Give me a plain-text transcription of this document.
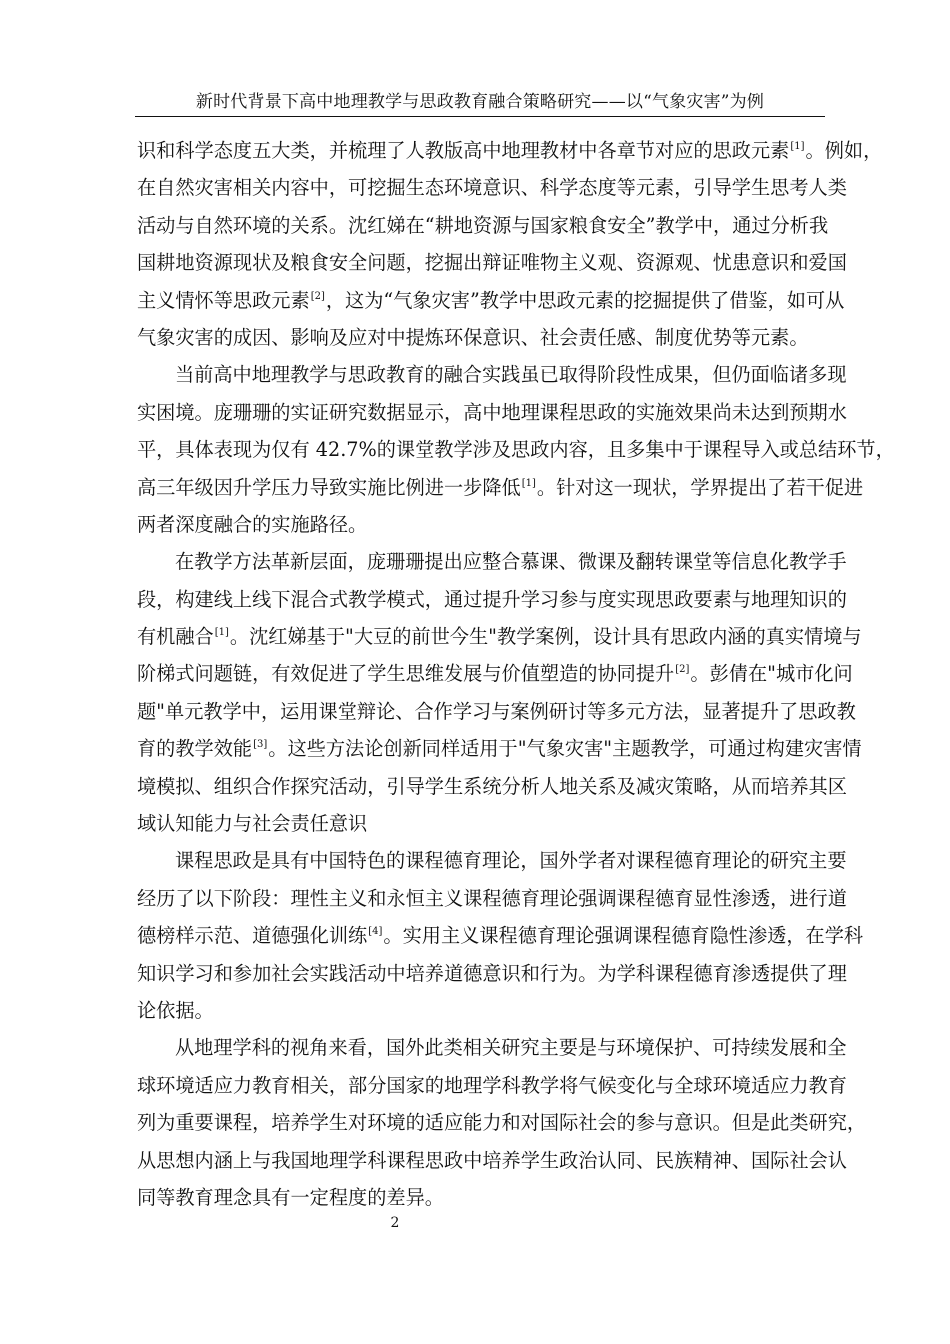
新时代背景下高中地理教学与思政教育融合策略研究——以“气象灾害”为例
识和科学态度五大类，并梳理了人教版高中地理教材中各章节对应的思政元素[1]。例如，
在自然灾害相关内容中，可挖掘生态环境意识、科学态度等元素，引导学生思考人类
活动与自然环境的关系。沈红娣在“耕地资源与国家粮食安全”教学中，通过分析我
国耕地资源现状及粮食安全问题，挖掘出辩证唯物主义观、资源观、忧患意识和爱国
主义情怀等思政元素[2]，这为“气象灾害”教学中思政元素的挖掘提供了借鉴，如可从
气象灾害的成因、影响及应对中提炼环保意识、社会责任感、制度优势等元素。
当前高中地理教学与思政教育的融合实践虽已取得阶段性成果，但仍面临诸多现
实困境。庞珊珊的实证研究数据显示，高中地理课程思政的实施效果尚未达到预期水
平，具体表现为仅有 42.7%的课堂教学涉及思政内容，且多集中于课程导入或总结环节，
高三年级因升学压力导致实施比例进一步降低[1]。针对这一现状，学界提出了若干促进
两者深度融合的实施路径。
在教学方法革新层面，庞珊珊提出应整合慕课、微课及翻转课堂等信息化教学手
段，构建线上线下混合式教学模式，通过提升学习参与度实现思政要素与地理知识的
有机融合[1]。沈红娣基于"大豆的前世今生"教学案例，设计具有思政内涵的真实情境与
阶梯式问题链，有效促进了学生思维发展与价值塑造的协同提升[2]。彭倩在"城市化问
题"单元教学中，运用课堂辩论、合作学习与案例研讨等多元方法，显著提升了思政教
育的教学效能[3]。这些方法论创新同样适用于"气象灾害"主题教学，可通过构建灾害情
境模拟、组织合作探究活动，引导学生系统分析人地关系及减灾策略，从而培养其区
域认知能力与社会责任意识
课程思政是具有中国特色的课程德育理论，国外学者对课程德育理论的研究主要
经历了以下阶段：理性主义和永恒主义课程德育理论强调课程德育显性渗透，进行道
德榜样示范、道德强化训练[4]。实用主义课程德育理论强调课程德育隐性渗透，在学科
知识学习和参加社会实践活动中培养道德意识和行为。为学科课程德育渗透提供了理
论依据。
从地理学科的视角来看，国外此类相关研究主要是与环境保护、可持续发展和全
球环境适应力教育相关，部分国家的地理学科教学将气候变化与全球环境适应力教育
列为重要课程，培养学生对环境的适应能力和对国际社会的参与意识。但是此类研究，
从思想内涵上与我国地理学科课程思政中培养学生政治认同、民族精神、国际社会认
同等教育理念具有一定程度的差异。
2
